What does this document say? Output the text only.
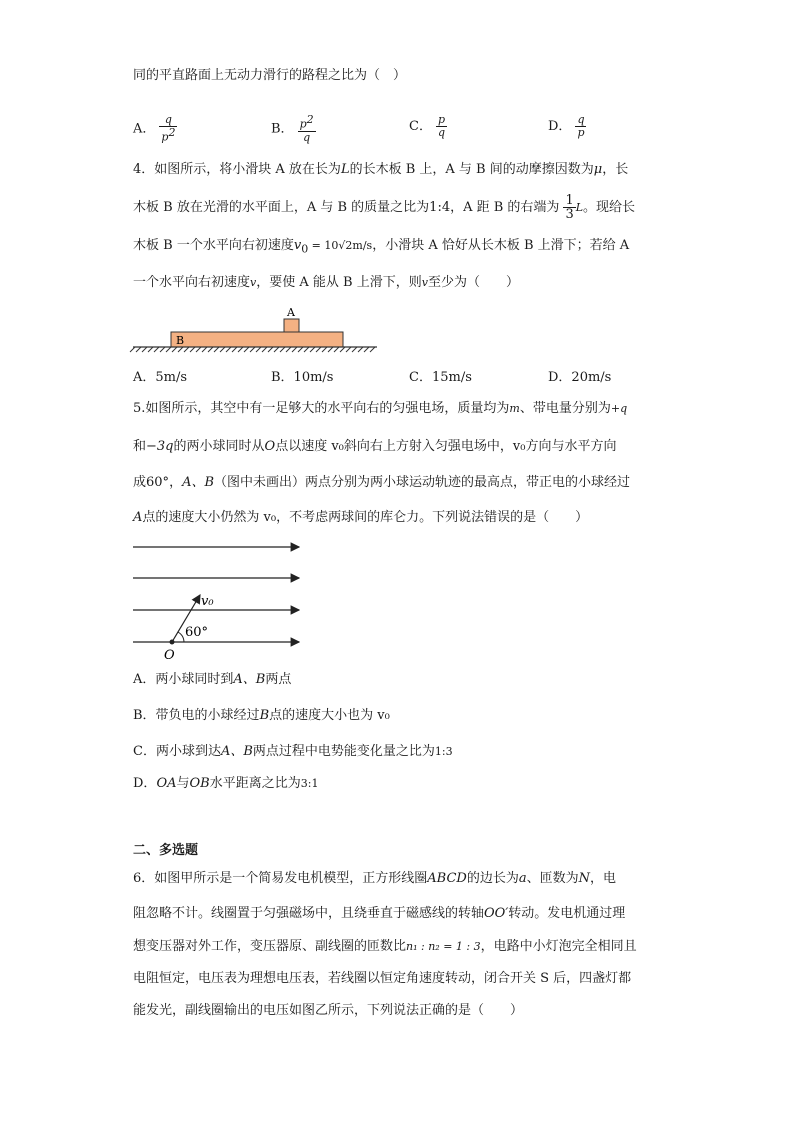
同的平直路面上无动力滑行的路程之比为（　）
A． $\frac{q}{p^2}$	B． $\frac{p^2}{q}$	C． $\frac{p}{q}$	D． $\frac{q}{p}$
4．如图所示，将小滑块 A 放在长为L的长木板 B 上，A 与 B 间的动摩擦因数为μ，长
木板 B 放在光滑的水平面上，A 与 B 的质量之比为1:4，A 距 B 的右端为 $\frac{1}{3}$ L。现给长
木板 B 一个水平向右初速度$v_0 = 10√2m/s$，小滑块 A 恰好从长木板 B 上滑下；若给 A
一个水平向右初速度v，要使 A 能从 B 上滑下，则v至少为（　　）
A
B
A．5m/s	B．10m/s	C．15m/s	D．20m/s
5.如图所示，其空中有一足够大的水平向右的匀强电场，质量均为m、带电量分别为+q
和−3q的两小球同时从O点以速度 v₀斜向右上方射入匀强电场中，v₀方向与水平方向
成60°，A、B（图中未画出）两点分别为两小球运动轨迹的最高点，带正电的小球经过
A点的速度大小仍然为 v₀，不考虑两球间的库仑力。下列说法错误的是（　　）
v₀
60°
O
A．两小球同时到A、B两点
B．带负电的小球经过B点的速度大小也为 v₀
C．两小球到达A、B两点过程中电势能变化量之比为1:3
D．OA与OB水平距离之比为3:1
二、多选题
6．如图甲所示是一个简易发电机模型，正方形线圈ABCD的边长为a、匝数为N，电
阻忽略不计。线圈置于匀强磁场中，且绕垂直于磁感线的转轴OO′转动。发电机通过理
想变压器对外工作，变压器原、副线圈的匝数比n₁ : n₂ = 1 : 3，电路中小灯泡完全相同且
电阻恒定，电压表为理想电压表，若线圈以恒定角速度转动，闭合开关 S 后，四盏灯都
能发光，副线圈输出的电压如图乙所示，下列说法正确的是（　　）
